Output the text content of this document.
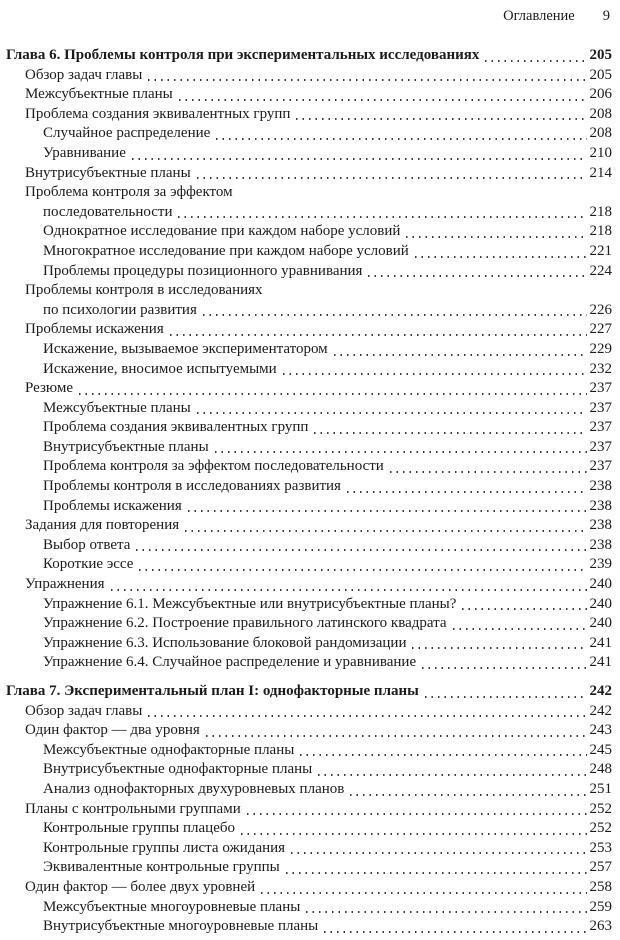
Оглавление 9
Глава 6. Проблемы контроля при экспериментальных исследованиях	205
Обзор задач главы	205
Межсубъектные планы	206
Проблема создания эквивалентных групп	208
Случайное распределение	208
Уравнивание	210
Внутрисубъектные планы	214
Проблема контроля за эффектом
последовательности	218
Однократное исследование при каждом наборе условий	218
Многократное исследование при каждом наборе условий	221
Проблемы процедуры позиционного уравнивания	224
Проблемы контроля в исследованиях
по психологии развития	226
Проблемы искажения	227
Искажение, вызываемое экспериментатором	229
Искажение, вносимое испытуемыми	232
Резюме	237
Межсубъектные планы	237
Проблема создания эквивалентных групп	237
Внутрисубъектные планы	237
Проблема контроля за эффектом последовательности	237
Проблемы контроля в исследованиях развития	238
Проблемы искажения	238
Задания для повторения	238
Выбор ответа	238
Короткие эссе	239
Упражнения	240
Упражнение 6.1. Межсубъектные или внутрисубъектные планы?	240
Упражнение 6.2. Построение правильного латинского квадрата	240
Упражнение 6.3. Использование блоковой рандомизации	241
Упражнение 6.4. Случайное распределение и уравнивание	241
Глава 7. Экспериментальный план I: однофакторные планы	242
Обзор задач главы	242
Один фактор — два уровня	243
Межсубъектные однофакторные планы	245
Внутрисубъектные однофакторные планы	248
Анализ однофакторных двухуровневых планов	251
Планы с контрольными группами	252
Контрольные группы плацебо	252
Контрольные группы листа ожидания	253
Эквивалентные контрольные группы	257
Один фактор — более двух уровней	258
Межсубъектные многоуровневые планы	259
Внутрисубъектные многоуровневые планы	263
